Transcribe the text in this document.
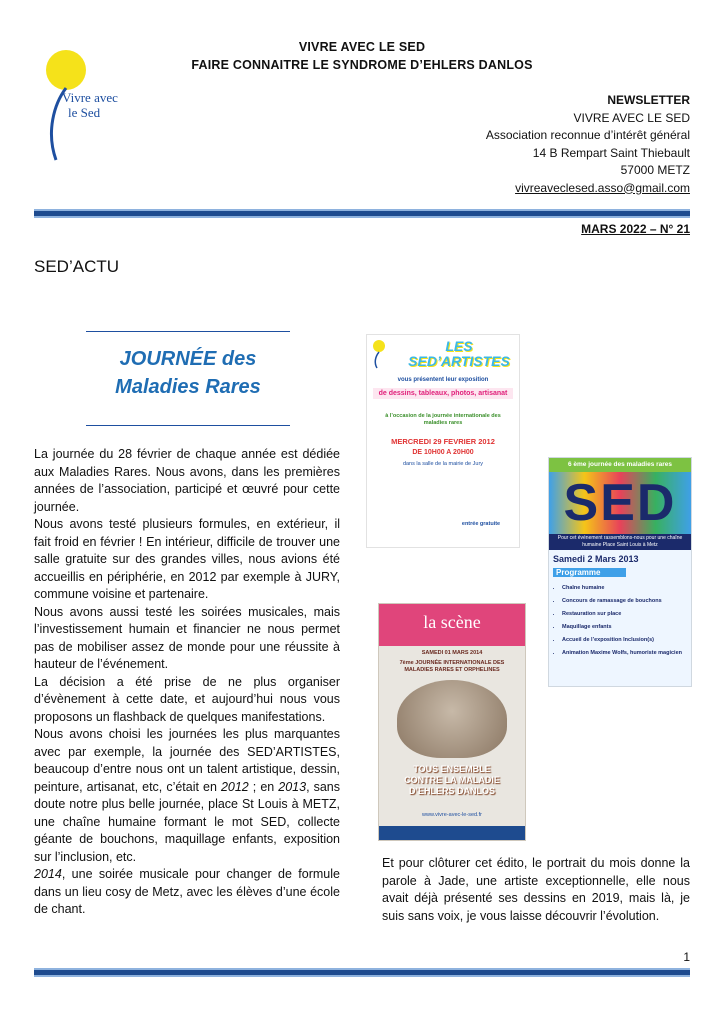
Vivre avec
le Sed
VIVRE AVEC LE SED
FAIRE CONNAITRE LE SYNDROME D’EHLERS DANLOS
NEWSLETTER
VIVRE AVEC LE SED
Association reconnue d’intérêt général
14 B Rempart Saint Thiebault
57000 METZ
vivreaveclesed.asso@gmail.com
MARS 2022 – N° 21
SED’ACTU
JOURNÉE des
Maladies Rares

La journée du 28 février de chaque année est dédiée aux Maladies Rares. Nous avons, dans les premières années de l’association, participé et œuvré pour cette journée.

Nous avons testé plusieurs formules, en extérieur, il fait froid en février ! En intérieur, difficile de trouver une salle gratuite sur des grandes villes, nous avions été accueillis en périphérie, en 2012 par exemple à JURY, commune voisine et partenaire.

Nous avons aussi testé les soirées musicales, mais l’investissement humain et financier ne nous permet pas de mobiliser assez de monde pour une réussite à hauteur de l’événement.

La décision a été prise de ne plus organiser d’évènement à cette date, et aujourd’hui nous vous proposons un flashback de quelques manifestations.

Nous avons choisi les journées les plus marquantes avec par exemple, la journée des SED’ARTISTES, beaucoup d’entre nous ont un talent artistique, dessin, peinture, artisanat, etc, c’était en 2012 ; en 2013, sans doute notre plus belle journée, place St Louis à METZ, une chaîne humaine formant le mot SED, collecte géante de bouchons, maquillage enfants, exposition sur l’inclusion, etc.

2014, une soirée musicale pour changer de formule dans un lieu cosy de Metz, avec les élèves d’une école de chant.

LES SED’ARTISTES
vous présentent leur exposition
de dessins, tableaux, photos, artisanat
à l’occasion de la journée internationale des maladies rares
MERCREDI 29 FEVRIER 2012
DE 10H00 A 20H00
dans la salle de la mairie de Jury
entrée gratuite
6 ème journée des maladies rares
SED
Pour cet événement rassemblons-nous pour une chaîne humaine Place Saint Louis à Metz
Samedi 2 Mars 2013
Programme
• Chaîne humaine
• Concours de ramassage de bouchons
• Restauration sur place
• Maquillage enfants
• Accueil de l’exposition Inclusion(s)
• Animation Maxime Wolfs, humoriste magicien
la scène
SAMEDI 01 MARS 2014
7ème JOURNÉE INTERNATIONALE DES MALADIES RARES ET ORPHELINES
TOUS ENSEMBLE
CONTRE LA MALADIE
D’EHLERS DANLOS
www.vivre-avec-le-sed.fr
Et pour clôturer cet édito, le portrait du mois donne la parole à Jade, une artiste exceptionnelle, elle nous avait déjà présenté ses dessins en 2019, mais là, je suis sans voix, je vous laisse découvrir l’évolution.
1
